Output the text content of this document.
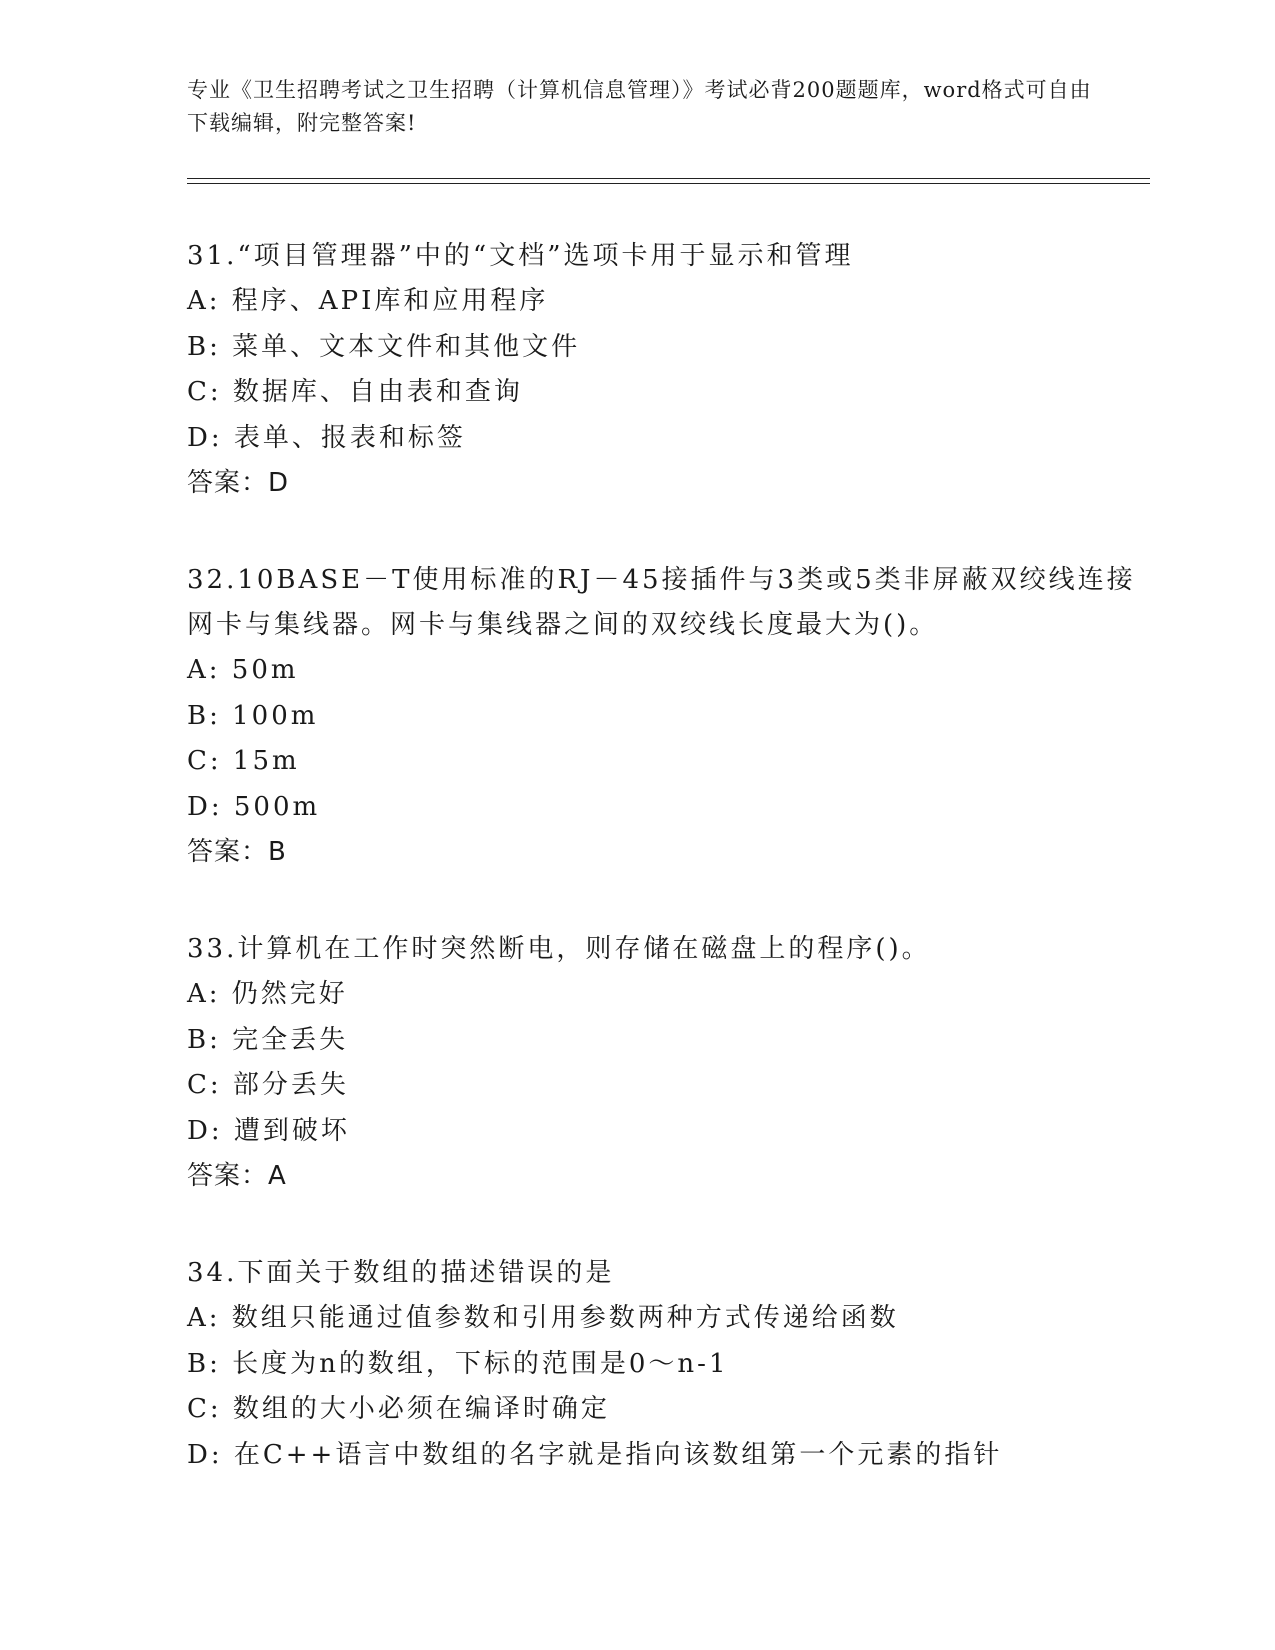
专业《卫生招聘考试之卫生招聘（计算机信息管理）》考试必背200题题库，word格式可自由下载编辑，附完整答案!
31.“项目管理器”中的“文档”选项卡用于显示和管理
A: 程序、API库和应用程序
B: 菜单、文本文件和其他文件
C: 数据库、自由表和查询
D: 表单、报表和标签
答案：D
32.10BASE－T使用标准的RJ－45接插件与3类或5类非屏蔽双绞线连接网卡与集线器。网卡与集线器之间的双绞线长度最大为()。
A: 50m
B: 100m
C: 15m
D: 500m
答案：B
33.计算机在工作时突然断电，则存储在磁盘上的程序()。
A: 仍然完好
B: 完全丢失
C: 部分丢失
D: 遭到破坏
答案：A
34.下面关于数组的描述错误的是
A: 数组只能通过值参数和引用参数两种方式传递给函数
B: 长度为n的数组，下标的范围是0～n-1
C: 数组的大小必须在编译时确定
D: 在C++语言中数组的名字就是指向该数组第一个元素的指针
